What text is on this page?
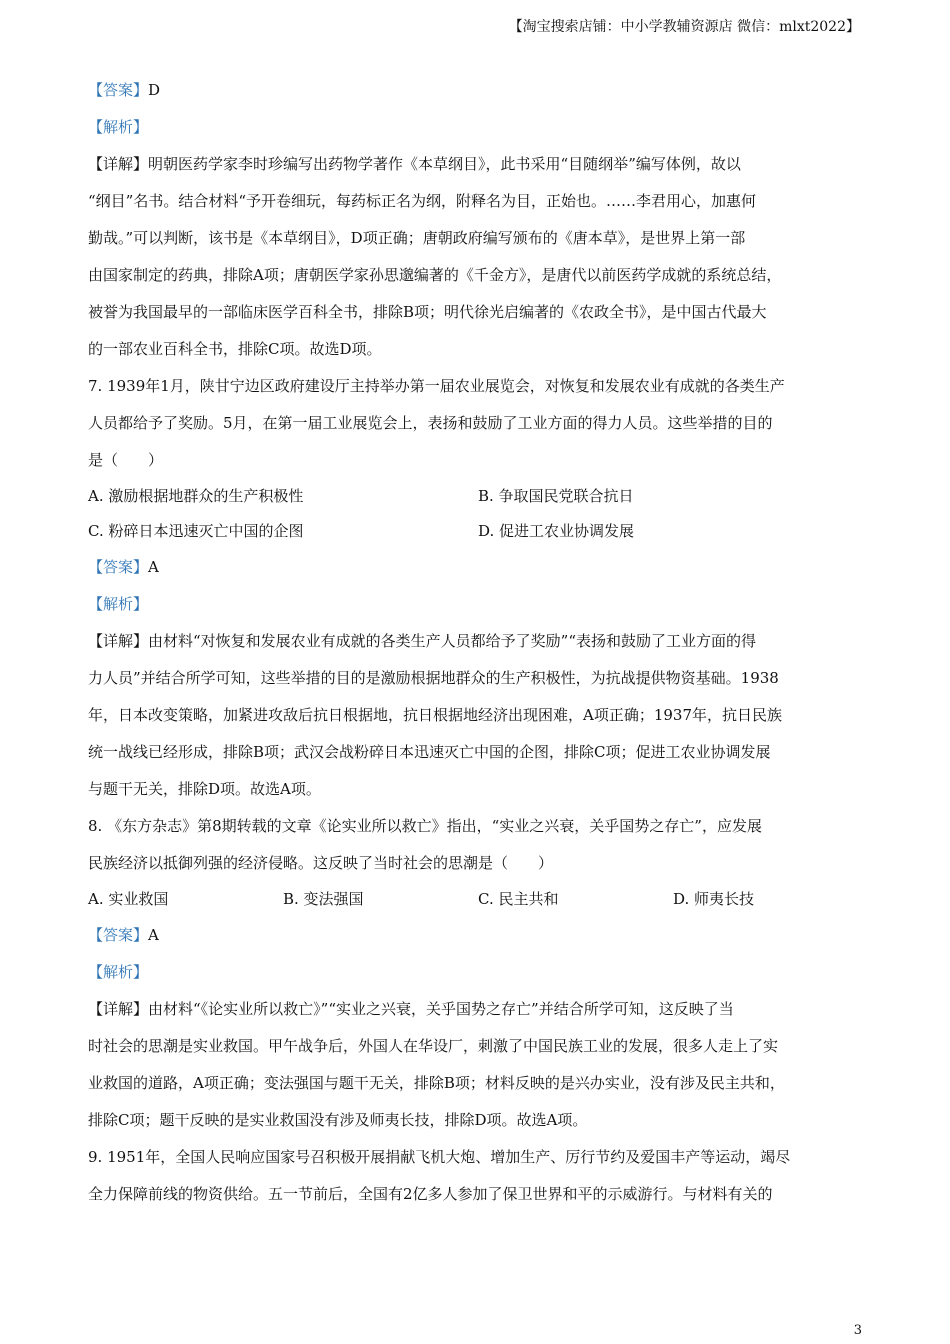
【淘宝搜索店铺：中小学教辅资源店 微信：mlxt2022】
【答案】D
【解析】
【详解】明朝医药学家李时珍编写出药物学著作《本草纲目》，此书采用“目随纲举”编写体例，故以
“纲目”名书。结合材料“予开卷细玩，每药标正名为纲，附释名为目，正始也。……李君用心，加惠何
勤哉。”可以判断，该书是《本草纲目》，D项正确；唐朝政府编写颁布的《唐本草》，是世界上第一部
由国家制定的药典，排除A项；唐朝医学家孙思邈编著的《千金方》，是唐代以前医药学成就的系统总结，
被誉为我国最早的一部临床医学百科全书，排除B项；明代徐光启编著的《农政全书》，是中国古代最大
的一部农业百科全书，排除C项。故选D项。
7. 1939年1月，陕甘宁边区政府建设厅主持举办第一届农业展览会，对恢复和发展农业有成就的各类生产
人员都给予了奖励。5月，在第一届工业展览会上，表扬和鼓励了工业方面的得力人员。这些举措的目的
是（　　）
A. 激励根据地群众的生产积极性	B. 争取国民党联合抗日
C. 粉碎日本迅速灭亡中国的企图	D. 促进工农业协调发展
【答案】A
【解析】
【详解】由材料“对恢复和发展农业有成就的各类生产人员都给予了奖励”“表扬和鼓励了工业方面的得
力人员”并结合所学可知，这些举措的目的是激励根据地群众的生产积极性，为抗战提供物资基础。1938
年，日本改变策略，加紧进攻敌后抗日根据地，抗日根据地经济出现困难，A项正确；1937年，抗日民族
统一战线已经形成，排除B项；武汉会战粉碎日本迅速灭亡中国的企图，排除C项；促进工农业协调发展
与题干无关，排除D项。故选A项。
8. 《东方杂志》第8期转载的文章《论实业所以救亡》指出，“实业之兴衰，关乎国势之存亡”，应发展
民族经济以抵御列强的经济侵略。这反映了当时社会的思潮是（　　）
A. 实业救国	B. 变法强国	C. 民主共和	D. 师夷长技
【答案】A
【解析】
【详解】由材料“《论实业所以救亡》”“实业之兴衰，关乎国势之存亡”并结合所学可知，这反映了当
时社会的思潮是实业救国。甲午战争后，外国人在华设厂，刺激了中国民族工业的发展，很多人走上了实
业救国的道路，A项正确；变法强国与题干无关，排除B项；材料反映的是兴办实业，没有涉及民主共和，
排除C项；题干反映的是实业救国没有涉及师夷长技，排除D项。故选A项。
9. 1951年，全国人民响应国家号召积极开展捐献飞机大炮、增加生产、厉行节约及爱国丰产等运动，竭尽
全力保障前线的物资供给。五一节前后，全国有2亿多人参加了保卫世界和平的示威游行。与材料有关的
3
